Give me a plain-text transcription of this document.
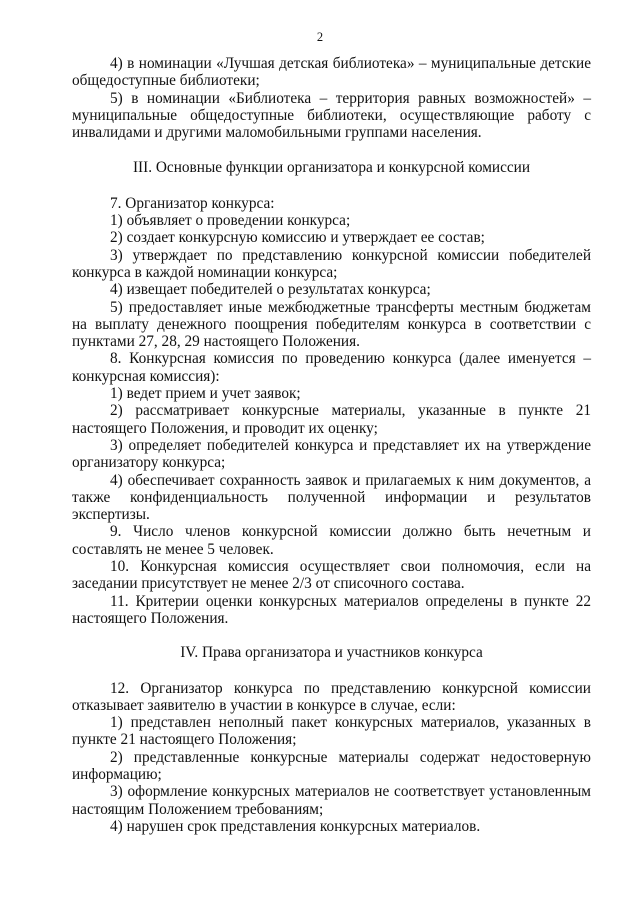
2

4) в номинации «Лучшая детская библиотека» – муниципальные детские общедоступные библиотеки;

5) в номинации «Библиотека – территория равных возможностей» – муниципальные общедоступные библиотеки, осуществляющие работу с инвалидами и другими маломобильными группами населения.

III. Основные функции организатора и конкурсной комиссии

7. Организатор конкурса:

1) объявляет о проведении конкурса;

2) создает конкурсную комиссию и утверждает ее состав;

3) утверждает по представлению конкурсной комиссии победителей конкурса в каждой номинации конкурса;

4) извещает победителей о результатах конкурса;

5) предоставляет иные межбюджетные трансферты местным бюджетам на выплату денежного поощрения победителям конкурса в соответствии с пунктами 27, 28, 29 настоящего Положения.

8. Конкурсная комиссия по проведению конкурса (далее именуется – конкурсная комиссия):

1) ведет прием и учет заявок;

2) рассматривает конкурсные материалы, указанные в пункте 21 настоящего Положения, и проводит их оценку;

3) определяет победителей конкурса и представляет их на утверждение организатору конкурса;

4) обеспечивает сохранность заявок и прилагаемых к ним документов, а также конфиденциальность полученной информации и результатов экспертизы.

9. Число членов конкурсной комиссии должно быть нечетным и составлять не менее 5 человек.

10. Конкурсная комиссия осуществляет свои полномочия, если на заседании присутствует не менее 2/3 от списочного состава.

11. Критерии оценки конкурсных материалов определены в пункте 22 настоящего Положения.

IV. Права организатора и участников конкурса

12. Организатор конкурса по представлению конкурсной комиссии отказывает заявителю в участии в конкурсе в случае, если:

1) представлен неполный пакет конкурсных материалов, указанных в пункте 21 настоящего Положения;

2) представленные конкурсные материалы содержат недостоверную информацию;

3) оформление конкурсных материалов не соответствует установленным настоящим Положением требованиям;

4) нарушен срок представления конкурсных материалов.
